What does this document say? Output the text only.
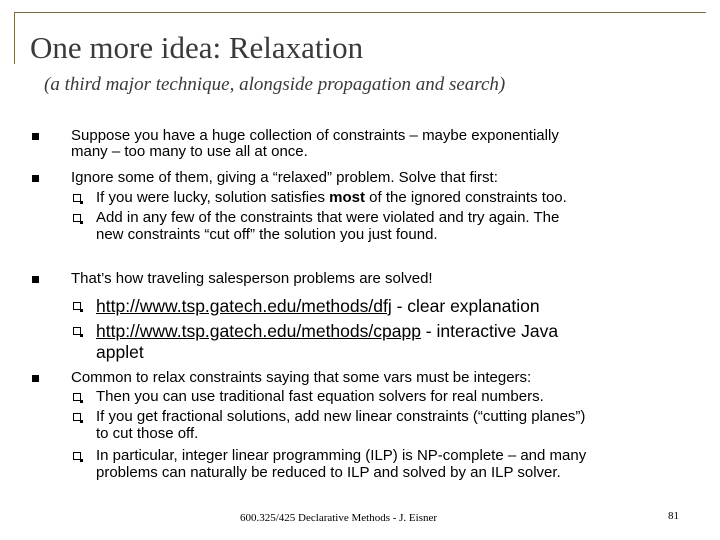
One more idea: Relaxation

(a third major technique, alongside propagation and search)

Suppose you have a huge collection of constraints – maybe exponentially
many – too many to use all at once.
Ignore some of them, giving a “relaxed” problem. Solve that first:
If you were lucky, solution satisfies most of the ignored constraints too.
Add in any few of the constraints that were violated and try again. The
new constraints “cut off” the solution you just found.
That’s how traveling salesperson problems are solved!
http://www.tsp.gatech.edu/methods/dfj - clear explanation
http://www.tsp.gatech.edu/methods/cpapp - interactive Java
applet
Common to relax constraints saying that some vars must be integers:
Then you can use traditional fast equation solvers for real numbers.
If you get fractional solutions, add new linear constraints (“cutting planes”)
to cut those off.
In particular, integer linear programming (ILP) is NP-complete – and many
problems can naturally be reduced to ILP and solved by an ILP solver.
600.325/425 Declarative Methods - J. Eisner	81
